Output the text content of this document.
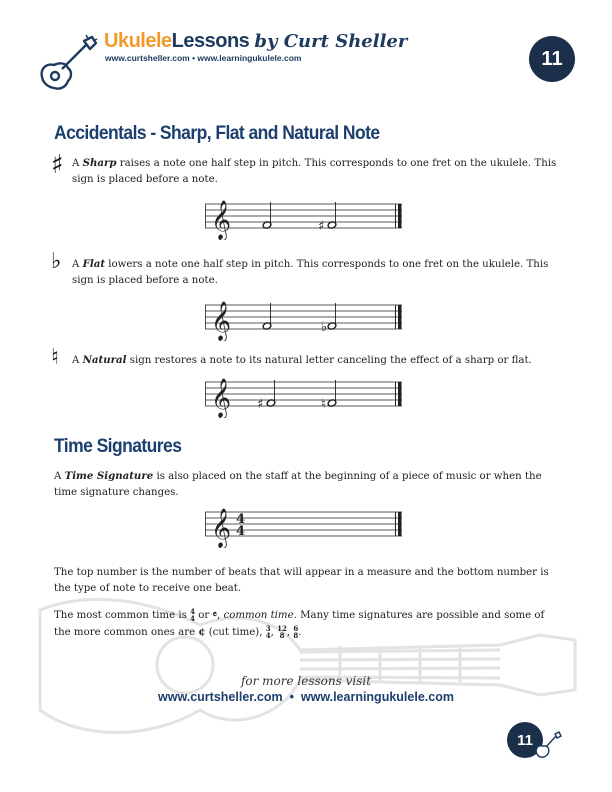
UkuleleLessons by Curt Sheller
www.curtsheller.com • www.learningukulele.com	11
Accidentals - Sharp, Flat and Natural Note
♯ A Sharp raises a note one half step in pitch. This corresponds to one fret on the ukulele. This sign is placed before a note.
𝄞	♯
♭ A Flat lowers a note one half step in pitch. This corresponds to one fret on the ukulele. This sign is placed before a note.
𝄞	♭
♮ A Natural sign restores a note to its natural letter canceling the effect of a sharp or flat.
𝄞 ♯	♮
Time Signatures
A Time Signature is also placed on the staff at the beginning of a piece of music or when the time signature changes.
𝄞 4
4
The top number is the number of beats that will appear in a measure and the bottom number is the type of note to receive one beat.
The most common time is 4
4 or 𝄴, common time. Many time signatures are possible and some of the more common ones are ¢ (cut time), 3
4 , 12
8 , 6
8 .
for more lessons visit
www.curtsheller.com  •  www.learningukulele.com
11
